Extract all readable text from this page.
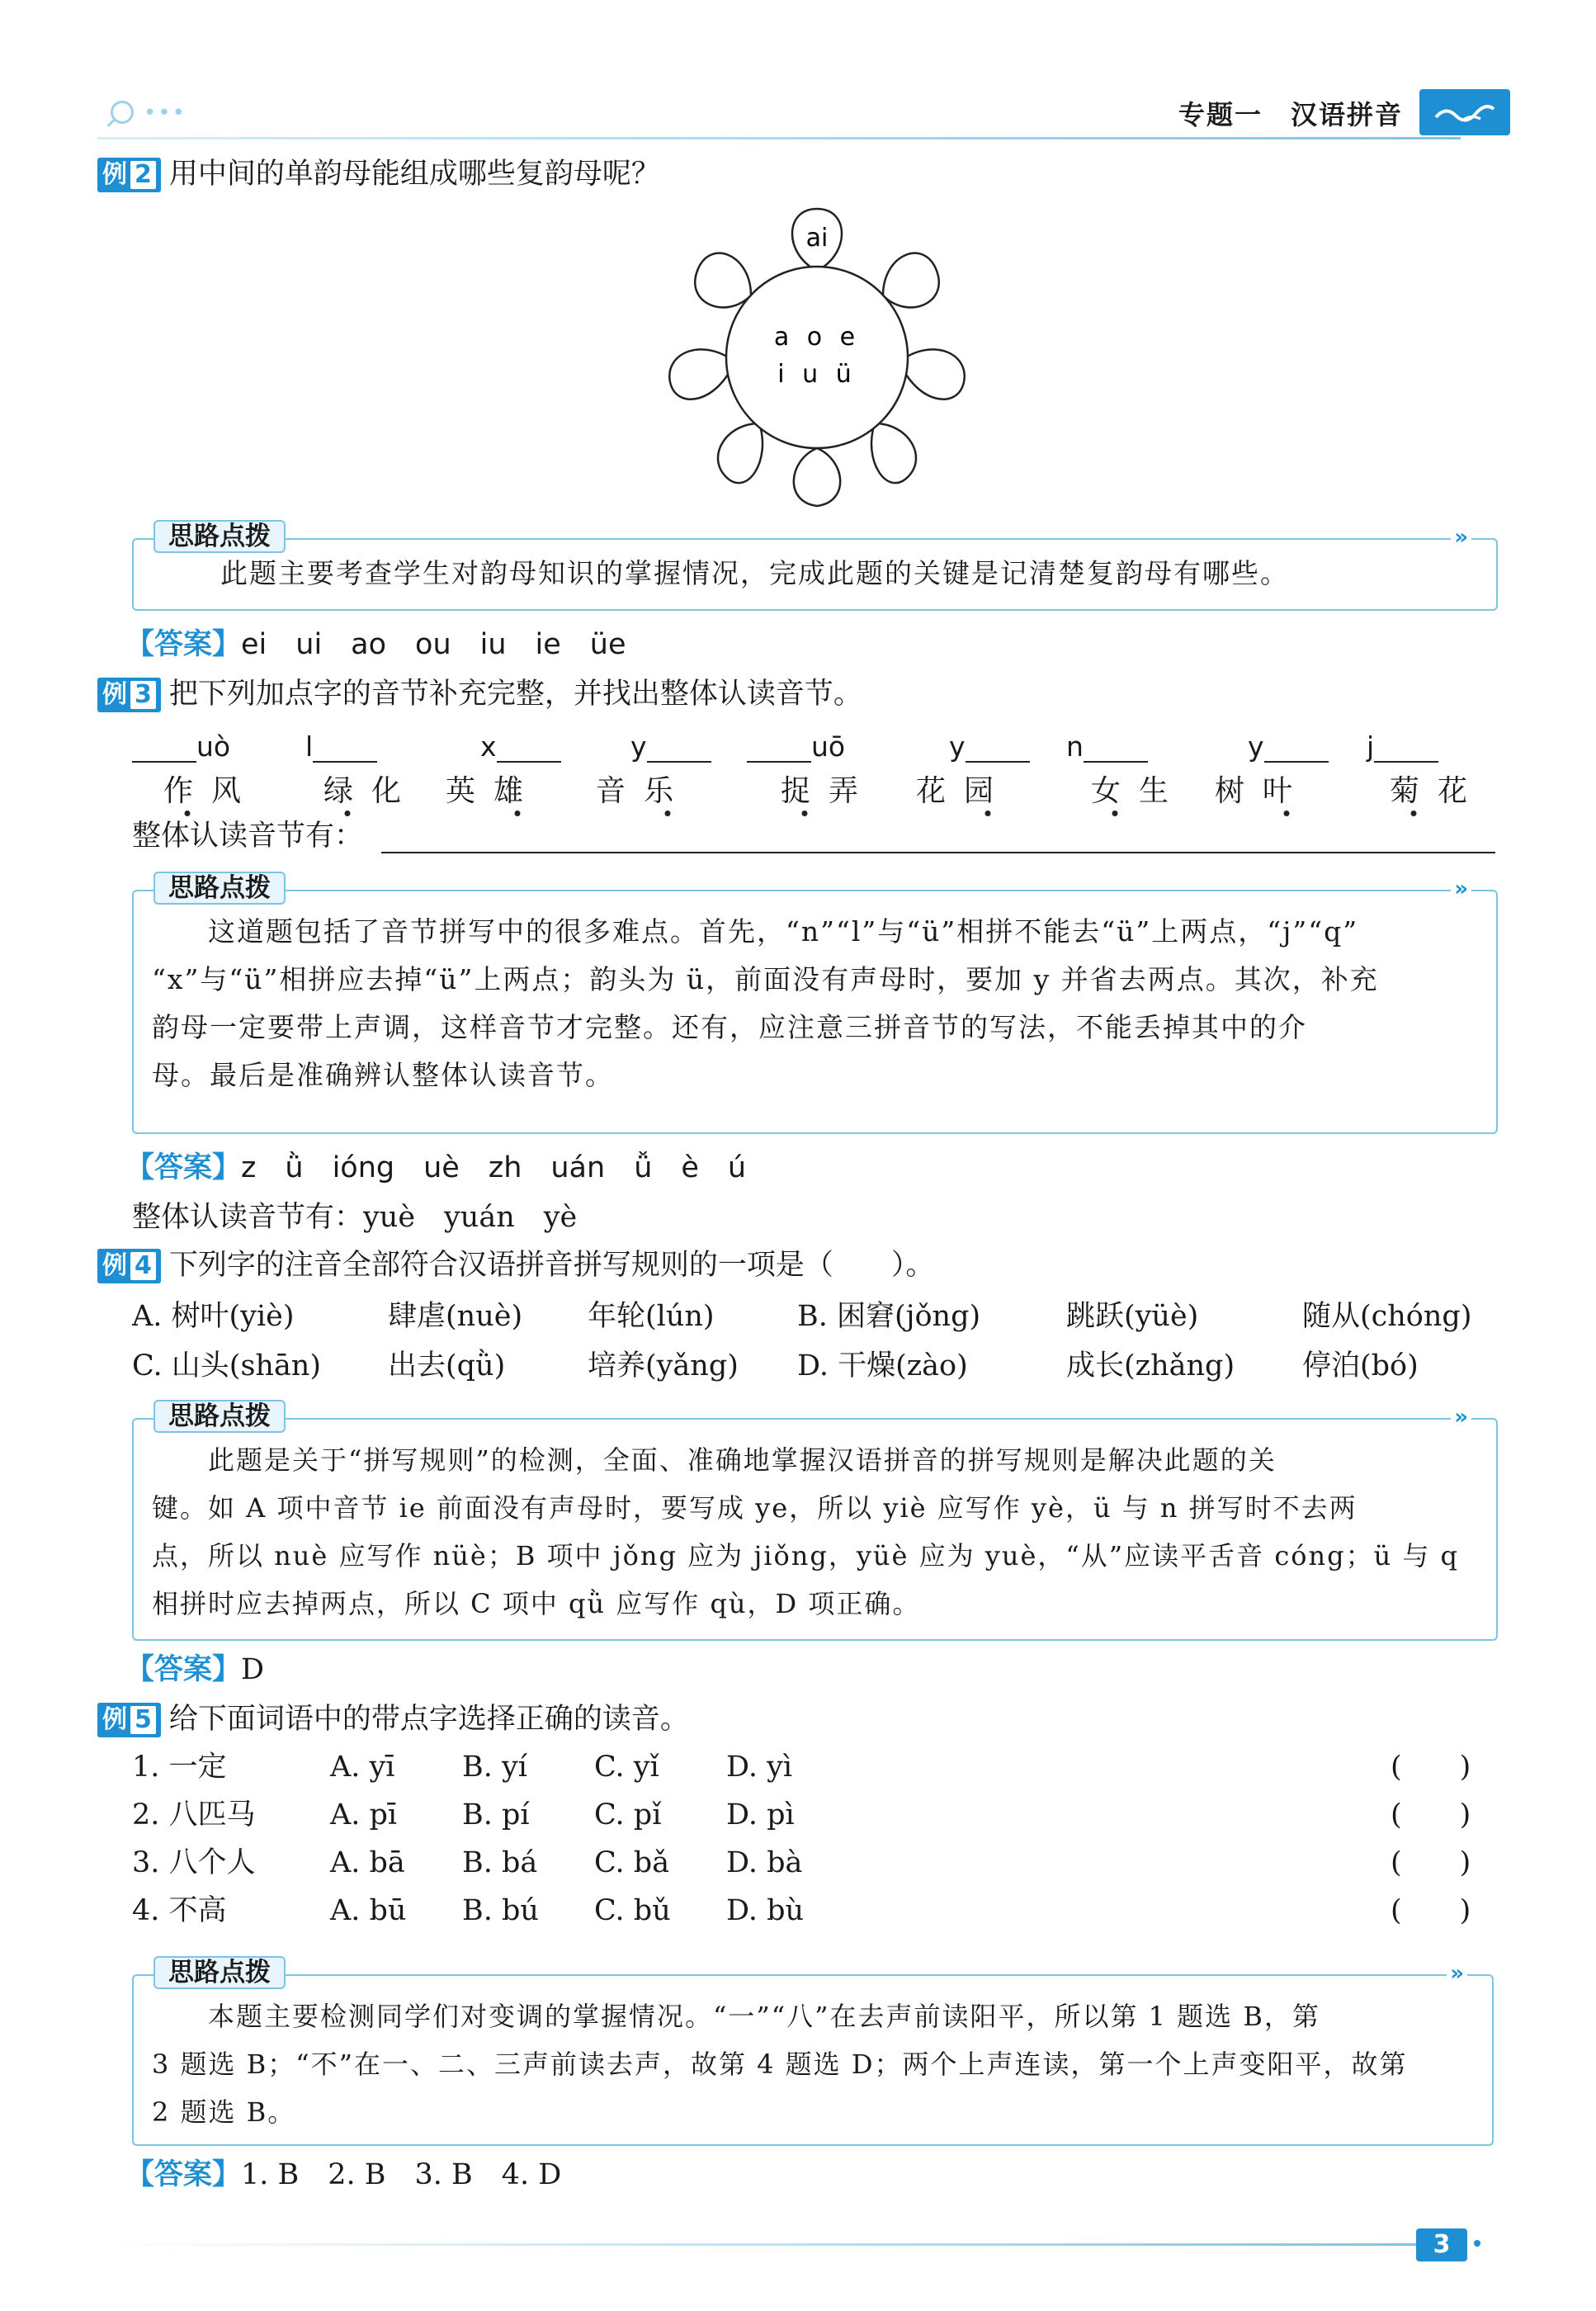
•••	专题一　汉语拼音
例 2 用中间的单韵母能组成哪些复韵母呢？
ai
a o e
i u ü
思路点拨	»
此题主要考查学生对韵母知识的掌握情况，完成此题的关键是记清楚复韵母有哪些。
【答案】ei　ui　ao　ou　iu　ie　üe
例 3 把下列加点字的音节补充完整，并找出整体认读音节。
uò	l	x	y	uō	y	n	y	j
作风 绿化 英雄 音乐	捉弄 花园	女生 树叶	菊花
整体认读音节有：
思路点拨	»
这道题包括了音节拼写中的很多难点。首先，“n”“l”与“ü”相拼不能去“ü”上两点，“j”“q”
“x”与“ü”相拼应去掉“ü”上两点；韵头为 ü，前面没有声母时，要加 y 并省去两点。其次，补充
韵母一定要带上声调，这样音节才完整。还有，应注意三拼音节的写法，不能丢掉其中的介
母。最后是准确辨认整体认读音节。
【答案】z　ǜ　ióng　uè　zh　uán　ǚ　è　ú
整体认读音节有：yuè　yuán　yè
例 4 下列字的注音全部符合汉语拼音拼写规则的一项是（　　）。
A. 树叶(yiè)	肆虐(nuè) 年轮(lún)	B. 困窘(jǒng)	跳跃(yüè)	随从(chóng)
C. 山头(shān) 出去(qǜ)	培养(yǎng) D. 干燥(zào)	成长(zhǎng) 停泊(bó)
思路点拨	»
此题是关于“拼写规则”的检测，全面、准确地掌握汉语拼音的拼写规则是解决此题的关
键。如 A 项中音节 ie 前面没有声母时，要写成 ye，所以 yiè 应写作 yè，ü 与 n 拼写时不去两
点，所以 nuè 应写作 nüè；B 项中 jǒng 应为 jiǒng，yüè 应为 yuè，“从”应读平舌音 cóng；ü 与 q
相拼时应去掉两点，所以 C 项中 qǜ 应写作 qù，D 项正确。
【答案】D
例 5 给下面词语中的带点字选择正确的读音。
1. 一定	A. yī B. yí C. yǐ D. yì	(　　)
2. 八匹马	A. pī B. pí C. pǐ D. pì	(　　)
3. 八个人	A. bā B. bá C. bǎ D. bà	(　　)
4. 不高	A. bū B. bú C. bǔ D. bù	(　　)
思路点拨	»
本题主要检测同学们对变调的掌握情况。“一”“八”在去声前读阳平，所以第 1 题选 B，第
3 题选 B；“不”在一、二、三声前读去声，故第 4 题选 D；两个上声连读，第一个上声变阳平，故第
2 题选 B。
【答案】1. B　2. B　3. B　4. D
3
